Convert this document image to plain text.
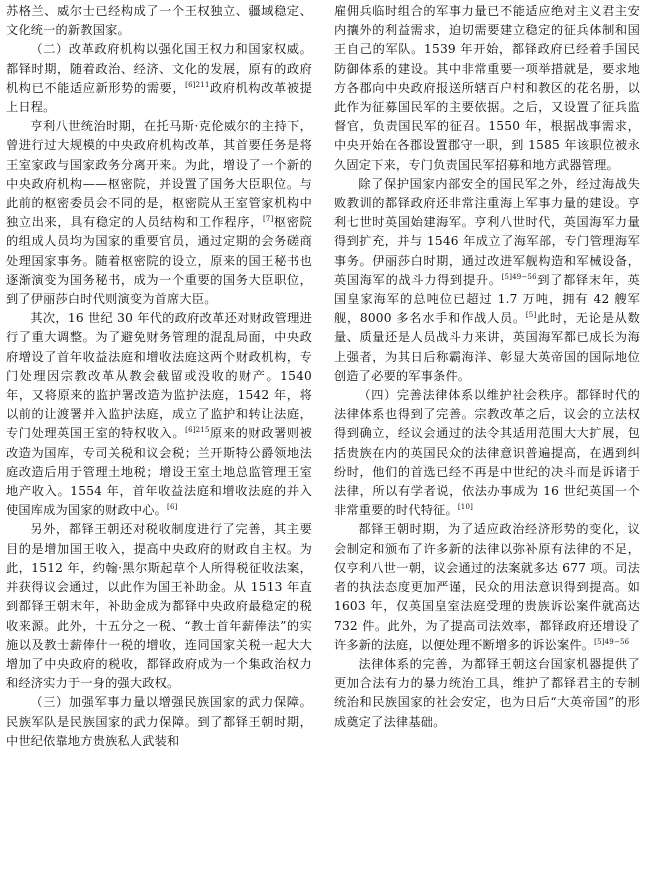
苏格兰、威尔士已经构成了一个王权独立、疆域稳定、文化统一的新教国家。

（二）改革政府机构以强化国王权力和国家权威。都铎时期，随着政治、经济、文化的发展，原有的政府机构已不能适应新形势的需要，$^{[6]211}$政府机构改革被提上日程。

亨利八世统治时期，在托马斯·克伦威尔的主持下，曾进行过大规模的中央政府机构改革，其首要任务是将王室家政与国家政务分离开来。为此，增设了一个新的中央政府机构——枢密院，并设置了国务大臣职位。与此前的枢密委员会不同的是，枢密院从王室管家机构中独立出来，具有稳定的人员结构和工作程序，[7]枢密院的组成人员均为国家的重要官员，通过定期的会务磋商处理国家事务。随着枢密院的设立，原来的国王秘书也逐渐演变为国务秘书，成为一个重要的国务大臣职位，到了伊丽莎白时代则演变为首席大臣。

其次，16 世纪 30 年代的政府改革还对财政管理进行了重大调整。为了避免财务管理的混乱局面，中央政府增设了首年收益法庭和增收法庭这两个财政机构，专门处理因宗教改革从教会截留或没收的财产。1540 年，又将原来的监护署改造为监护法庭，1542 年，将以前的让渡署并入监护法庭，成立了监护和转让法庭，专门处理英国王室的特权收入。$^{[6]215}$原来的财政署则被改造为国库，专司关税和议会税；兰开斯特公爵领地法庭改造后用于管理土地税；增设王室土地总监管理王室地产收入。1554 年，首年收益法庭和增收法庭的并入使国库成为国家的财政中心。[6]

另外，都铎王朝还对税收制度进行了完善，其主要目的是增加国王收入，提高中央政府的财政自主权。为此，1512 年，约翰·黑尔斯起草个人所得税征收法案，并获得议会通过，以此作为国王补助金。从 1513 年直到都铎王朝末年，补助金成为都铎中央政府最稳定的税收来源。此外，十五分之一税、“教士首年薪俸法”的实施以及教士薪俸什一税的增收，连同国家关税一起大大增加了中央政府的税收，都铎政府成为一个集政治权力和经济实力于一身的强大政权。

（三）加强军事力量以增强民族国家的武力保障。民族军队是民族国家的武力保障。到了都铎王朝时期，中世纪依靠地方贵族私人武装和

雇佣兵临时组合的军事力量已不能适应绝对主义君主安内攘外的利益需求，迫切需要建立稳定的征兵体制和国王自己的军队。1539 年开始，都铎政府已经着手国民防御体系的建设。其中非常重要一项举措就是，要求地方各郡向中央政府报送所辖百户村和教区的花名册，以此作为征募国民军的主要依据。之后，又设置了征兵监督官，负责国民军的征召。1550 年，根据战事需求，中央开始在各郡设置郡守一职，到 1585 年该职位被永久固定下来，专门负责国民军招募和地方武器管理。

除了保护国家内部安全的国民军之外，经过海战失败教训的都铎政府还非常注重海上军事力量的建设。亨利七世时英国始建海军。亨利八世时代，英国海军力量得到扩充，并与 1546 年成立了海军部，专门管理海军事务。伊丽莎白时期，通过改进军舰构造和军械设备，英国海军的战斗力得到提升。$^{[5]49-56}$到了都铎末年，英国皇家海军的总吨位已超过 1.7 万吨，拥有 42 艘军舰，8000 多名水手和作战人员。[5]此时，无论是从数量、质量还是人员战斗力来讲，英国海军都已成长为海上强者，为其日后称霸海洋、彰显大英帝国的国际地位创造了必要的军事条件。

（四）完善法律体系以维护社会秩序。都铎时代的法律体系也得到了完善。宗教改革之后，议会的立法权得到确立，经议会通过的法令其适用范围大大扩展，包括贵族在内的英国民众的法律意识普遍提高，在遇到纠纷时，他们的首选已经不再是中世纪的决斗而是诉诸于法律，所以有学者说，依法办事成为 16 世纪英国一个非常重要的时代特征。[10]

都铎王朝时期，为了适应政治经济形势的变化，议会制定和颁布了许多新的法律以弥补原有法律的不足，仅亨利八世一朝，议会通过的法案就多达 677 项。司法者的执法态度更加严谨，民众的用法意识得到提高。如 1603 年，仅英国皇室法庭受理的贵族诉讼案件就高达 732 件。此外，为了提高司法效率，都铎政府还增设了许多新的法庭，以便处理不断增多的诉讼案件。$^{[5]49-56}$

法律体系的完善，为都铎王朝这台国家机器提供了更加合法有力的暴力统治工具，维护了都铎君主的专制统治和民族国家的社会安定，也为日后“大英帝国”的形成奠定了法律基础。
